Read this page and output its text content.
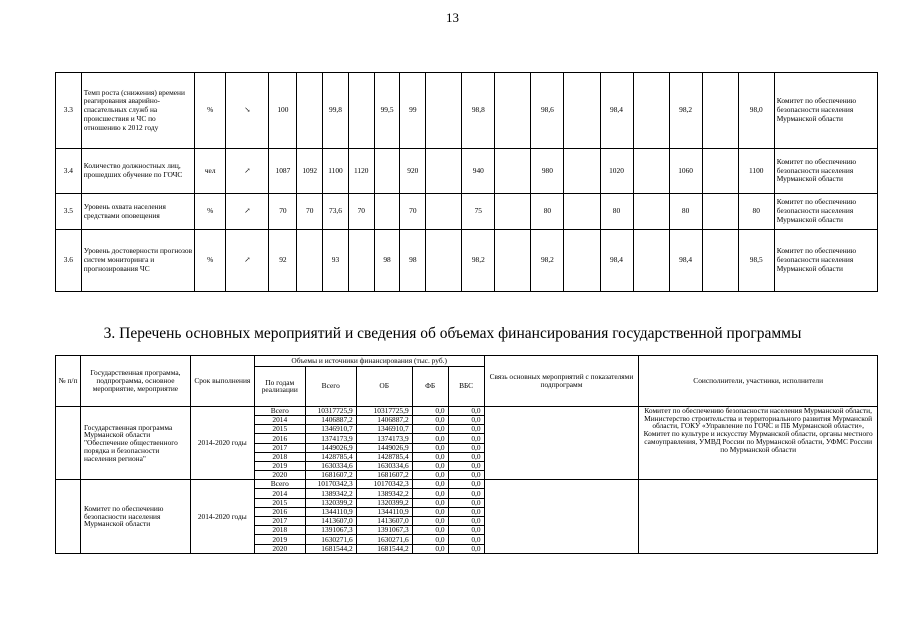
13
3.3	Темп роста (снижения) времени реагирования аварийно-спасательных служб на происшествия и ЧС по отношению к 2012 году	%	↘	100		99,8		99,5	99		98,8		98,6		98,4		98,2		98,0	Комитет по обеспечению безопасности населения Мурманской области
3.4	Количество должностных лиц, прошедших обучение по ГОЧС	чел	↗	1087	1092	1100	1120		920		940		980		1020		1060		1100	Комитет по обеспечению безопасности населения Мурманской области
3.5	Уровень охвата населения средствами оповещения	%	↗	70	70	73,6	70		70		75		80		80		80		80	Комитет по обеспечению безопасности населения Мурманской области
3.6	Уровень достоверности прогнозов систем мониторинга и прогнозирования ЧС	%	↗	92		93		98	98		98,2		98,2		98,4		98,4		98,5	Комитет по обеспечению безопасности населения Мурманской области
3. Перечень основных мероприятий и сведения об объемах финансирования государственной программы
№ п/п	Государственная программа, подпрограмма, основное мероприятие, мероприятие	Срок выполнения	Объемы и источники финансирования (тыс. руб.)					Связь основных мероприятий с показателями подпрограмм	Соисполнители, участники, исполнители
			По годам реализации	Всего	ОБ	ФБ	ВБС		
	Государственная программа Мурманской области "Обеспечение общественного порядка и безопасности населения региона"	2014-2020 годы	Всего	10317725,9	10317725,9	0,0	0,0		Комитет по обеспечению безопасности населения Мурманской области, Министерство строительства и территориального развития Мурманской области, ГОКУ «Управление по ГОЧС и ПБ Мурманской области», Комитет по культуре и искусству Мурманской области, органы местного самоуправления, УМВД России по Мурманской области, УФМС России по Мурманской области
			2014	1406887,2	1406887,2	0,0	0,0		
			2015	1346910,7	1346910,7	0,0	0,0		
			2016	1374173,9	1374173,9	0,0	0,0		
			2017	1449026,9	1449026,9	0,0	0,0		
			2018	1428785,4	1428785,4	0,0	0,0		
			2019	1630334,6	1630334,6	0,0	0,0		
			2020	1681607,2	1681607,2	0,0	0,0		
	Комитет по обеспечению безопасности населения Мурманской области	2014-2020 годы	Всего	10170342,3	10170342,3	0,0	0,0		
			2014	1389342,2	1389342,2	0,0	0,0		
			2015	1320399,2	1320399,2	0,0	0,0		
			2016	1344110,9	1344110,9	0,0	0,0		
			2017	1413607,0	1413607,0	0,0	0,0		
			2018	1391067,3	1391067,3	0,0	0,0		
			2019	1630271,6	1630271,6	0,0	0,0		
			2020	1681544,2	1681544,2	0,0	0,0		
